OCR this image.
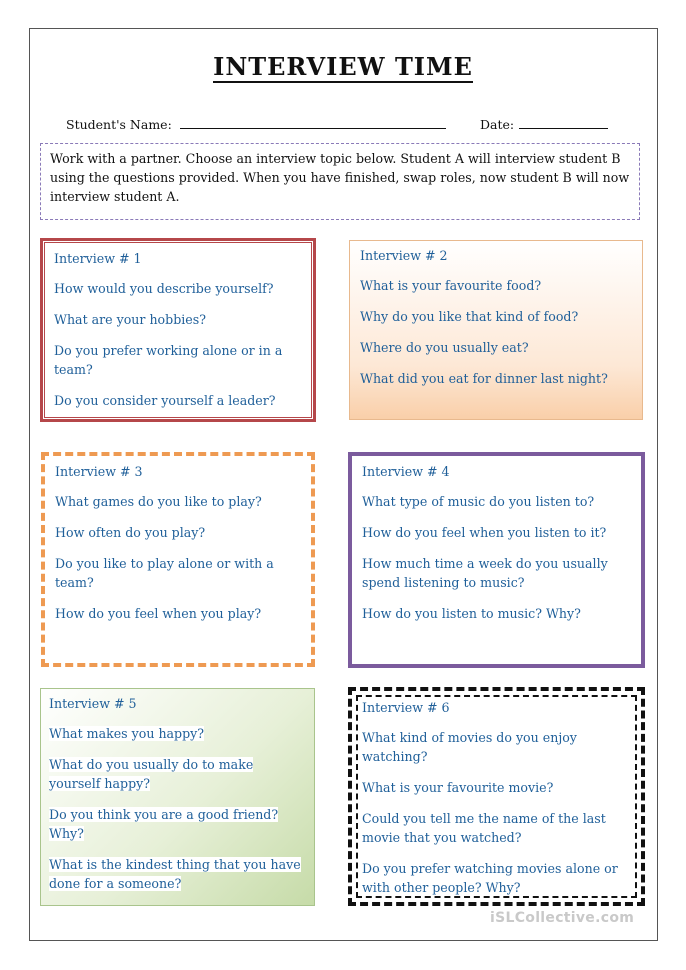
INTERVIEW TIME
Student's Name:	Date:
Work with a partner. Choose an interview topic below. Student A will interview student B using the questions provided. When you have finished, swap roles, now student B will now interview student A.
Interview # 1
How would you describe yourself?
What are your hobbies?
Do you prefer working alone or in a team?
Do you consider yourself a leader?
Interview # 2
What is your favourite food?
Why do you like that kind of food?
Where do you usually eat?
What did you eat for dinner last night?
Interview # 3
What games do you like to play?
How often do you play?
Do you like to play alone or with a team?
How do you feel when you play?
Interview # 4
What type of music do you listen to?
How do you feel when you listen to it?
How much time a week do you usually spend listening to music?
How do you listen to music? Why?
Interview # 5
What makes you happy?
What do you usually do to make yourself happy?
Do you think you are a good friend? Why?
What is the kindest thing that you have done for a someone?
Interview # 6
What kind of movies do you enjoy watching?
What is your favourite movie?
Could you tell me the name of the last movie that you watched?
Do you prefer watching movies alone or with other people? Why?
iSLCollective.com
